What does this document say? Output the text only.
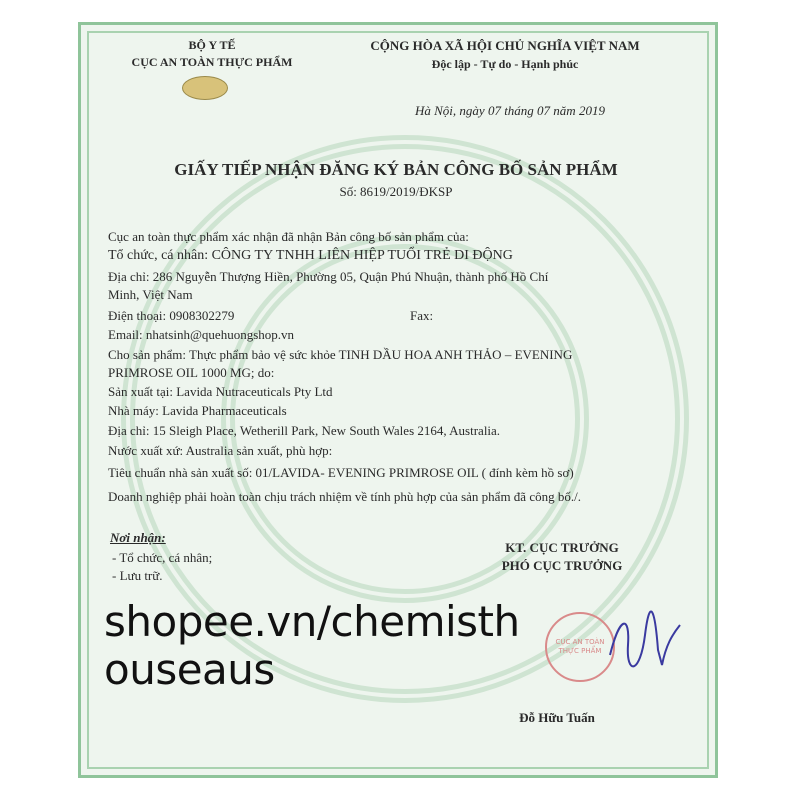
BỘ Y TẾ
CỤC AN TOÀN THỰC PHẨM
CỘNG HÒA XÃ HỘI CHỦ NGHĨA VIỆT NAM
Độc lập - Tự do - Hạnh phúc
Hà Nội, ngày 07 tháng 07 năm 2019
GIẤY TIẾP NHẬN ĐĂNG KÝ BẢN CÔNG BỐ SẢN PHẨM
Số: 8619/2019/ĐKSP
Cục an toàn thực phẩm xác nhận đã nhận Bản công bố sản phẩm của:
Tổ chức, cá nhân: CÔNG TY TNHH LIÊN HIỆP TUỔI TRẺ DI ĐỘNG
Địa chỉ: 286 Nguyễn Thượng Hiền, Phường 05, Quận Phú Nhuận, thành phố Hồ Chí
Minh, Việt Nam
Điện thoại: 0908302279	Fax:
Email: nhatsinh@quehuongshop.vn
Cho sản phẩm: Thực phẩm bảo vệ sức khỏe TINH DẦU HOA ANH THẢO – EVENING
PRIMROSE OIL 1000 MG; do:
Sản xuất tại: Lavida Nutraceuticals Pty Ltd
Nhà máy: Lavida Pharmaceuticals
Địa chỉ: 15 Sleigh Place, Wetherill Park, New South Wales 2164, Australia.
Nước xuất xứ: Australia sản xuất, phù hợp:
Tiêu chuẩn nhà sản xuất số: 01/LAVIDA- EVENING PRIMROSE OIL ( đính kèm hồ sơ)
Doanh nghiệp phải hoàn toàn chịu trách nhiệm về tính phù hợp của sản phẩm đã công bố./.
Nơi nhận:
- Tổ chức, cá nhân;
- Lưu trữ.
KT. CỤC TRƯỞNG
PHÓ CỤC TRƯỞNG
CỤC AN TOÀN THỰC PHẨM
Đỗ Hữu Tuấn
shopee.vn/chemisthouseaus
